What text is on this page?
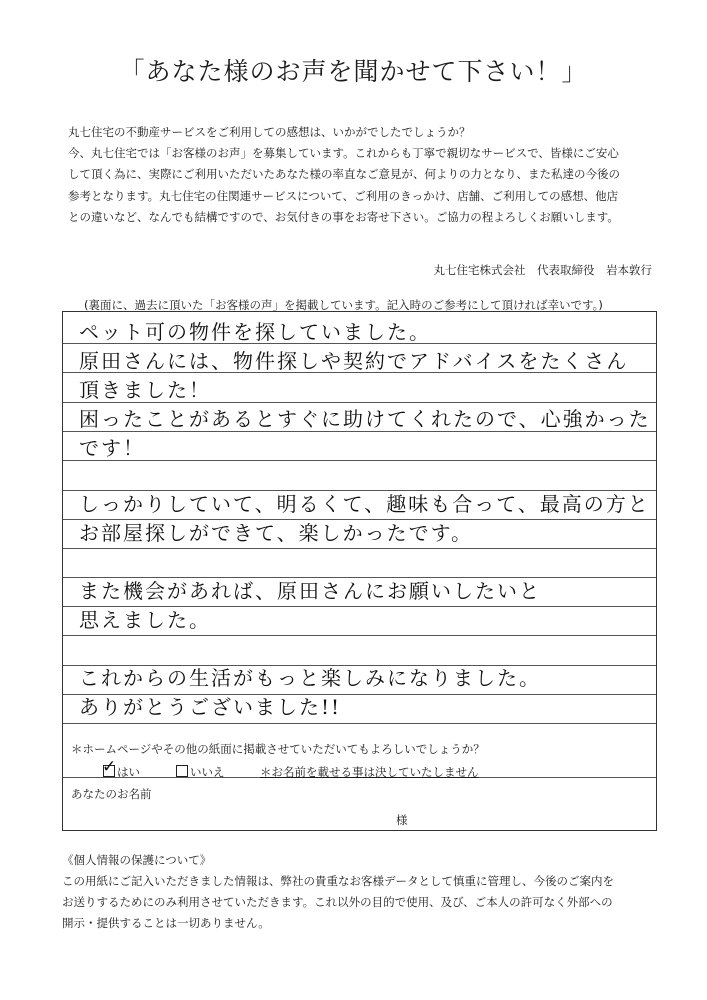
「あなた様のお声を聞かせて下さい！」
丸七住宅の不動産サービスをご利用しての感想は、いかがでしたでしょうか？
今、丸七住宅では「お客様のお声」を募集しています。これからも丁寧で親切なサービスで、皆様にご安心
して頂く為に、実際にご利用いただいたあなた様の率直なご意見が、何よりの力となり、また私達の今後の
参考となります。丸七住宅の住関連サービスについて、ご利用のきっかけ、店舗、ご利用しての感想、他店
との違いなど、なんでも結構ですので、お気付きの事をお寄せ下さい。ご協力の程よろしくお願いします。
丸七住宅株式会社　代表取締役　岩本敦行
(裏面に、過去に頂いた「お客様の声」を掲載しています。記入時のご参考にして頂ければ幸いです。)
ペット可の物件を探していました。
原田さんには、物件探しや契約でアドバイスをたくさん
頂きました！
困ったことがあるとすぐに助けてくれたので、心強かった
です！
しっかりしていて、明るくて、趣味も合って、最高の方と
お部屋探しができて、楽しかったです。
また機会があれば、原田さんにお願いしたいと
思えました。
これからの生活がもっと楽しみになりました。
ありがとうございました!!
＊ホームページやその他の紙面に掲載させていただいてもよろしいでしょうか？
✓はい	いいえ	＊お名前を載せる事は決していたしません
あなたのお名前
様
《個人情報の保護について》
この用紙にご記入いただきました情報は、弊社の貴重なお客様データとして慎重に管理し、今後のご案内を
お送りするためにのみ利用させていただきます。これ以外の目的で使用、及び、ご本人の許可なく外部への
開示・提供することは一切ありません。
